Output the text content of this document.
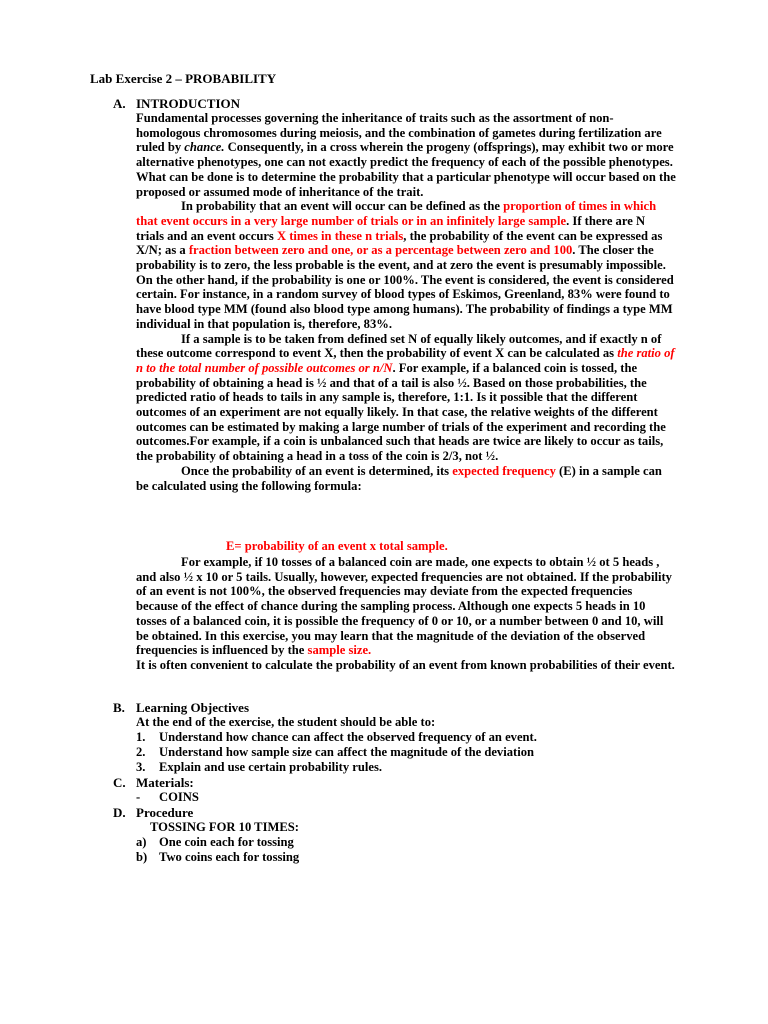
Lab Exercise 2 – PROBABILITY
A. INTRODUCTION

Fundamental processes governing the inheritance of traits such as the assortment of non-homologous chromosomes during meiosis, and the combination of gametes during fertilization are ruled by chance. Consequently, in a cross wherein the progeny (offsprings), may exhibit two or more alternative phenotypes, one can not exactly predict the frequency of each of the possible phenotypes. What can be done is to determine the probability that a particular phenotype will occur based on the proposed or assumed mode of inheritance of the trait.

In probability that an event will occur can be defined as the proportion of times in which that event occurs in a very large number of trials or in an infinitely large sample. If there are N trials and an event occurs X times in these n trials, the probability of the event can be expressed as X/N; as a fraction between zero and one, or as a percentage between zero and 100. The closer the probability is to zero, the less probable is the event, and at zero the event is presumably impossible. On the other hand, if the probability is one or 100%. The event is considered, the event is considered certain. For instance, in a random survey of blood types of Eskimos, Greenland, 83% were found to have blood type MM (found also blood type among humans). The probability of findings a type MM individual in that population is, therefore, 83%.

If a sample is to be taken from defined set N of equally likely outcomes, and if exactly n of these outcome correspond to event X, then the probability of event X can be calculated as the ratio of n to the total number of possible outcomes or n/N. For example, if a balanced coin is tossed, the probability of obtaining a head is ½ and that of a tail is also ½. Based on those probabilities, the predicted ratio of heads to tails in any sample is, therefore, 1:1. Is it possible that the different outcomes of an experiment are not equally likely. In that case, the relative weights of the different outcomes can be estimated by making a large number of trials of the experiment and recording the outcomes.For example, if a coin is unbalanced such that heads are twice are likely to occur as tails, the probability of obtaining a head in a toss of the coin is 2/3, not ½.

Once the probability of an event is determined, its expected frequency (E) in a sample can be calculated using the following formula:

E= probability of an event x total sample.

For example, if 10 tosses of a balanced coin are made, one expects to obtain ½ ot 5 heads , and also ½ x 10 or 5 tails. Usually, however, expected frequencies are not obtained. If the probability of an event is not 100%, the observed frequencies may deviate from the expected frequencies because of the effect of chance during the sampling process. Although one expects 5 heads in 10 tosses of a balanced coin, it is possible the frequency of 0 or 10, or a number between 0 and 10, will be obtained. In this exercise, you may learn that the magnitude of the deviation of the observed frequencies is influenced by the sample size.

It is often convenient to calculate the probability of an event from known probabilities of their event.

B. Learning Objectives
At the end of the exercise, the student should be able to:
1. Understand how chance can affect the observed frequency of an event.
2. Understand how sample size can affect the magnitude of the deviation
3. Explain and use certain probability rules.
C. Materials:
- COINS
D. Procedure
TOSSING FOR 10 TIMES:
a) One coin each for tossing
b) Two coins each for tossing
